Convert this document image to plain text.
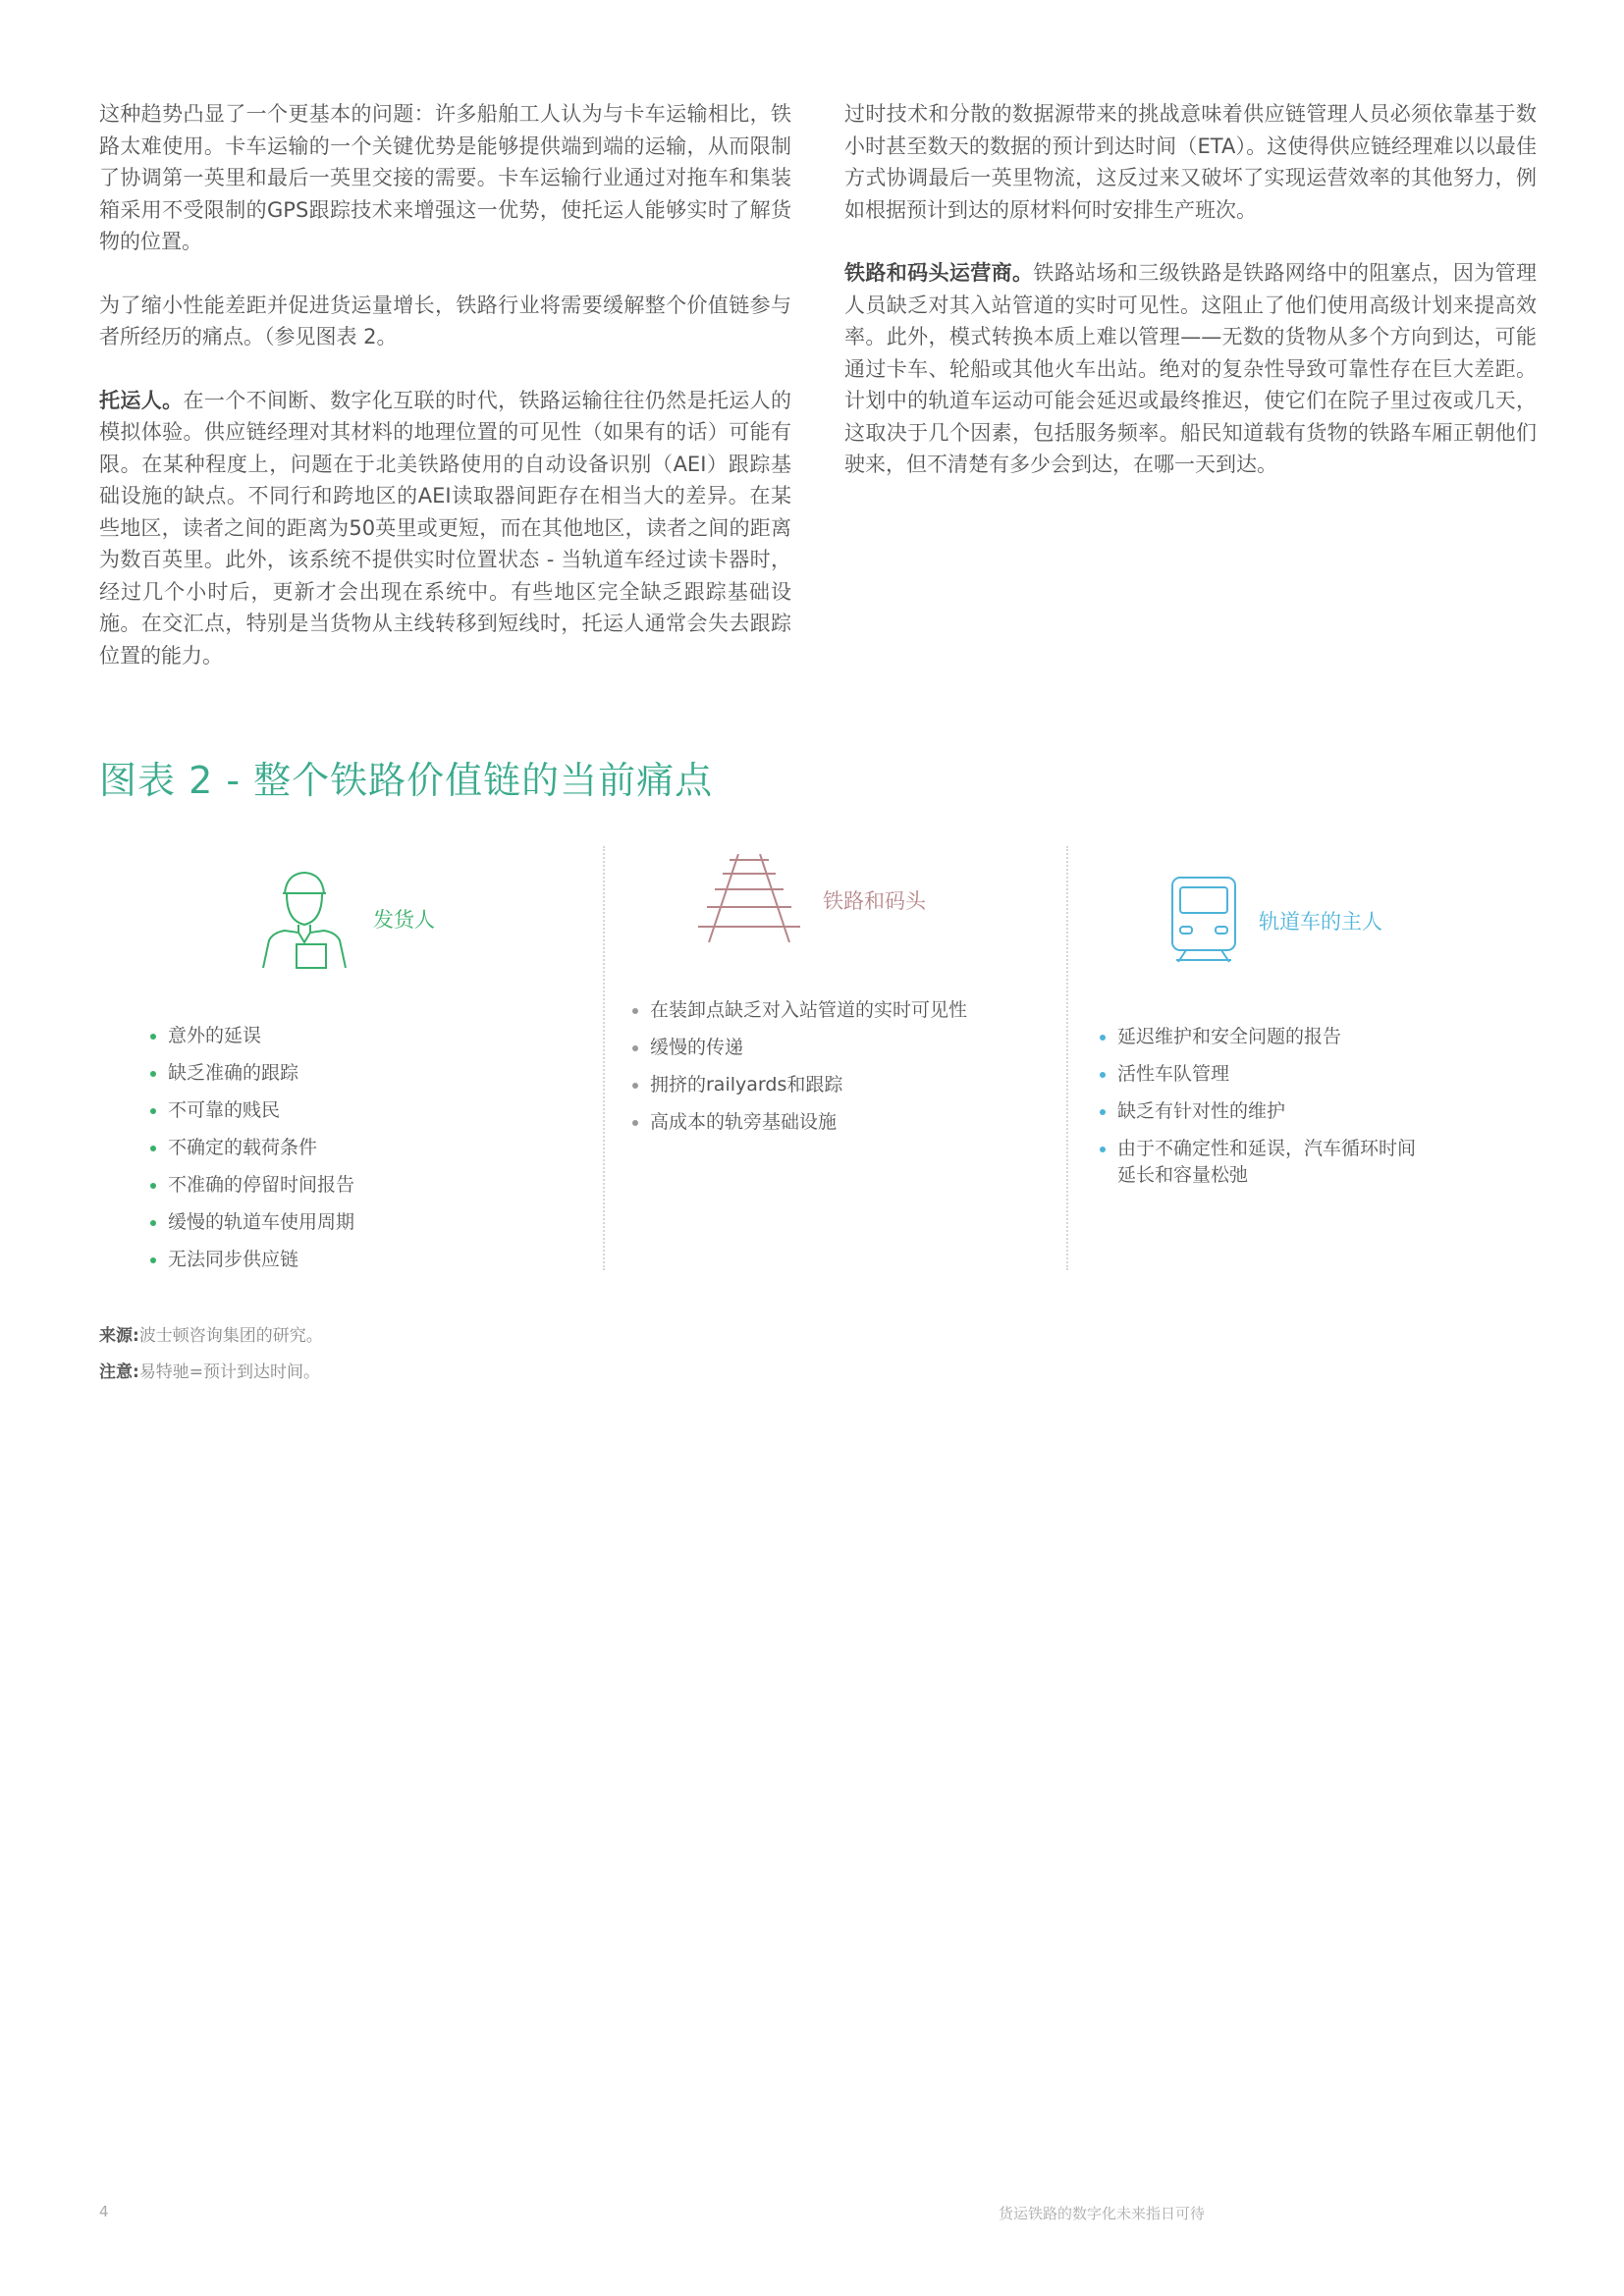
这种趋势凸显了一个更基本的问题：许多船舶工人认为与卡车运输相比，铁路太难使用。卡车运输的一个关键优势是能够提供端到端的运输，从而限制了协调第一英里和最后一英里交接的需要。卡车运输行业通过对拖车和集装箱采用不受限制的GPS跟踪技术来增强这一优势，使托运人能够实时了解货物的位置。

为了缩小性能差距并促进货运量增长，铁路行业将需要缓解整个价值链参与者所经历的痛点。（参见图表 2。

托运人。在一个不间断、数字化互联的时代，铁路运输往往仍然是托运人的模拟体验。供应链经理对其材料的地理位置的可见性（如果有的话）可能有限。在某种程度上，问题在于北美铁路使用的自动设备识别（AEI）跟踪基础设施的缺点。不同行和跨地区的AEI读取器间距存在相当大的差异。在某些地区，读者之间的距离为50英里或更短，而在其他地区，读者之间的距离为数百英里。此外，该系统不提供实时位置状态 - 当轨道车经过读卡器时，经过几个小时后，更新才会出现在系统中。有些地区完全缺乏跟踪基础设施。在交汇点，特别是当货物从主线转移到短线时，托运人通常会失去跟踪位置的能力。

过时技术和分散的数据源带来的挑战意味着供应链管理人员必须依靠基于数小时甚至数天的数据的预计到达时间（ETA）。这使得供应链经理难以以最佳方式协调最后一英里物流，这反过来又破坏了实现运营效率的其他努力，例如根据预计到达的原材料何时安排生产班次。

铁路和码头运营商。铁路站场和三级铁路是铁路网络中的阻塞点，因为管理人员缺乏对其入站管道的实时可见性。这阻止了他们使用高级计划来提高效率。此外，模式转换本质上难以管理——无数的货物从多个方向到达，可能通过卡车、轮船或其他火车出站。绝对的复杂性导致可靠性存在巨大差距。计划中的轨道车运动可能会延迟或最终推迟，使它们在院子里过夜或几天，这取决于几个因素，包括服务频率。船民知道载有货物的铁路车厢正朝他们驶来，但不清楚有多少会到达，在哪一天到达。

图表 2 - 整个铁路价值链的当前痛点
发货人
意外的延误
缺乏准确的跟踪
不可靠的贱民
不确定的载荷条件
不准确的停留时间报告
缓慢的轨道车使用周期
无法同步供应链
铁路和码头
在装卸点缺乏对入站管道的实时可见性
缓慢的传递
拥挤的railyards和跟踪
高成本的轨旁基础设施
轨道车的主人
延迟维护和安全问题的报告
活性车队管理
缺乏有针对性的维护
由于不确定性和延误，汽车循环时间延长和容量松弛
来源:波士顿咨询集团的研究。
注意:易特驰=预计到达时间。
4	货运铁路的数字化未来指日可待
